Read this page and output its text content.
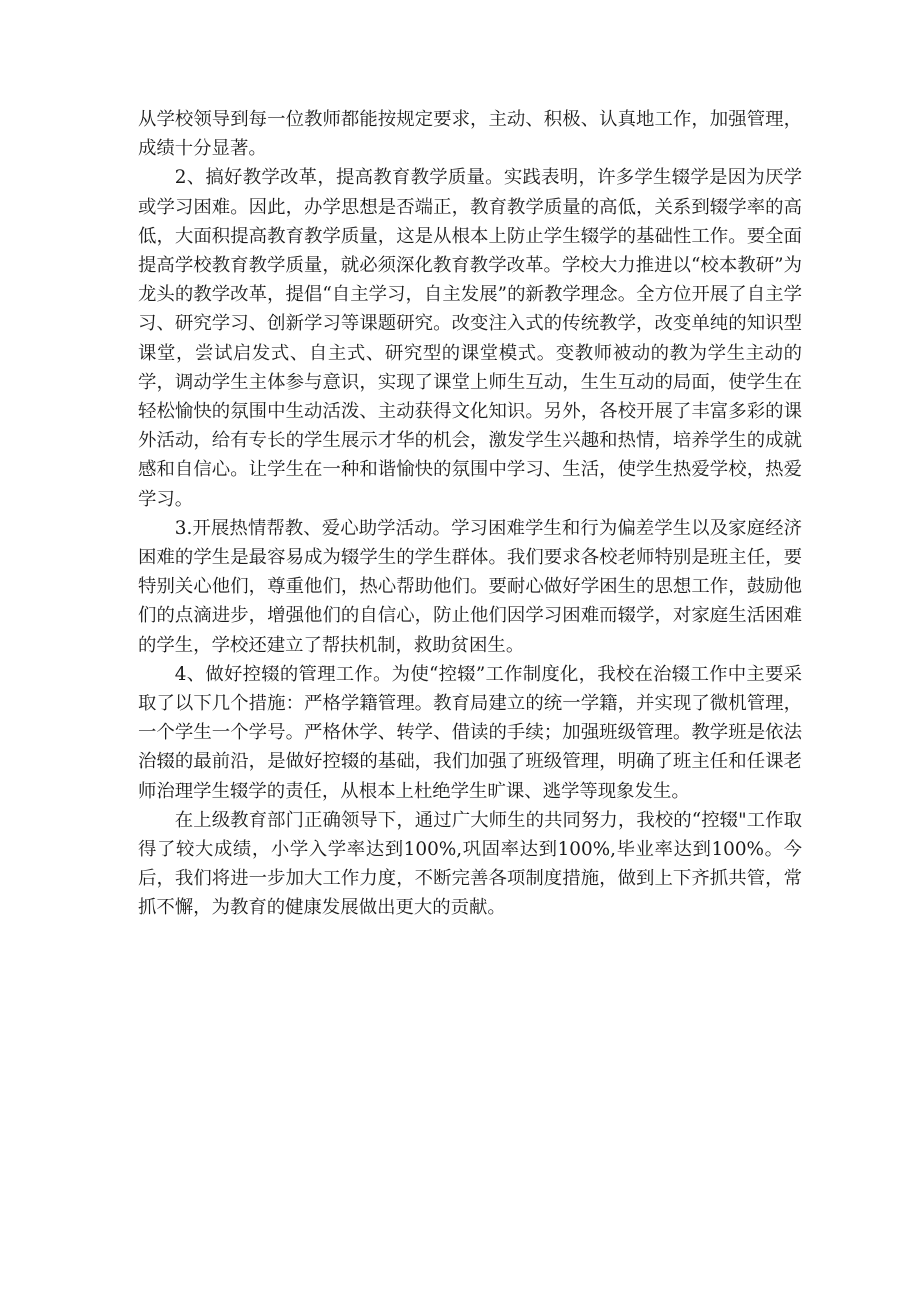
从学校领导到每一位教师都能按规定要求，主动、积极、认真地工作，加强管理，成绩十分显著。

2、搞好教学改革，提高教育教学质量。实践表明，许多学生辍学是因为厌学或学习困难。因此，办学思想是否端正，教育教学质量的高低，关系到辍学率的高低，大面积提高教育教学质量，这是从根本上防止学生辍学的基础性工作。要全面提高学校教育教学质量，就必须深化教育教学改革。学校大力推进以“校本教研”为龙头的教学改革，提倡“自主学习，自主发展”的新教学理念。全方位开展了自主学习、研究学习、创新学习等课题研究。改变注入式的传统教学，改变单纯的知识型课堂，尝试启发式、自主式、研究型的课堂模式。变教师被动的教为学生主动的学，调动学生主体参与意识，实现了课堂上师生互动，生生互动的局面，使学生在轻松愉快的氛围中生动活泼、主动获得文化知识。另外，各校开展了丰富多彩的课外活动，给有专长的学生展示才华的机会，激发学生兴趣和热情，培养学生的成就感和自信心。让学生在一种和谐愉快的氛围中学习、生活，使学生热爱学校，热爱学习。

3.开展热情帮教、爱心助学活动。学习困难学生和行为偏差学生以及家庭经济困难的学生是最容易成为辍学生的学生群体。我们要求各校老师特别是班主任，要特别关心他们，尊重他们，热心帮助他们。要耐心做好学困生的思想工作，鼓励他们的点滴进步，增强他们的自信心，防止他们因学习困难而辍学，对家庭生活困难的学生，学校还建立了帮扶机制，救助贫困生。

4、做好控辍的管理工作。为使“控辍”工作制度化，我校在治辍工作中主要采取了以下几个措施：严格学籍管理。教育局建立的统一学籍，并实现了微机管理，一个学生一个学号。严格休学、转学、借读的手续；加强班级管理。教学班是依法治辍的最前沿，是做好控辍的基础，我们加强了班级管理，明确了班主任和任课老师治理学生辍学的责任，从根本上杜绝学生旷课、逃学等现象发生。

在上级教育部门正确领导下，通过广大师生的共同努力，我校的“控辍"工作取得了较大成绩，小学入学率达到100%,巩固率达到100%,毕业率达到100%。今后，我们将进一步加大工作力度，不断完善各项制度措施，做到上下齐抓共管，常抓不懈，为教育的健康发展做出更大的贡献。
